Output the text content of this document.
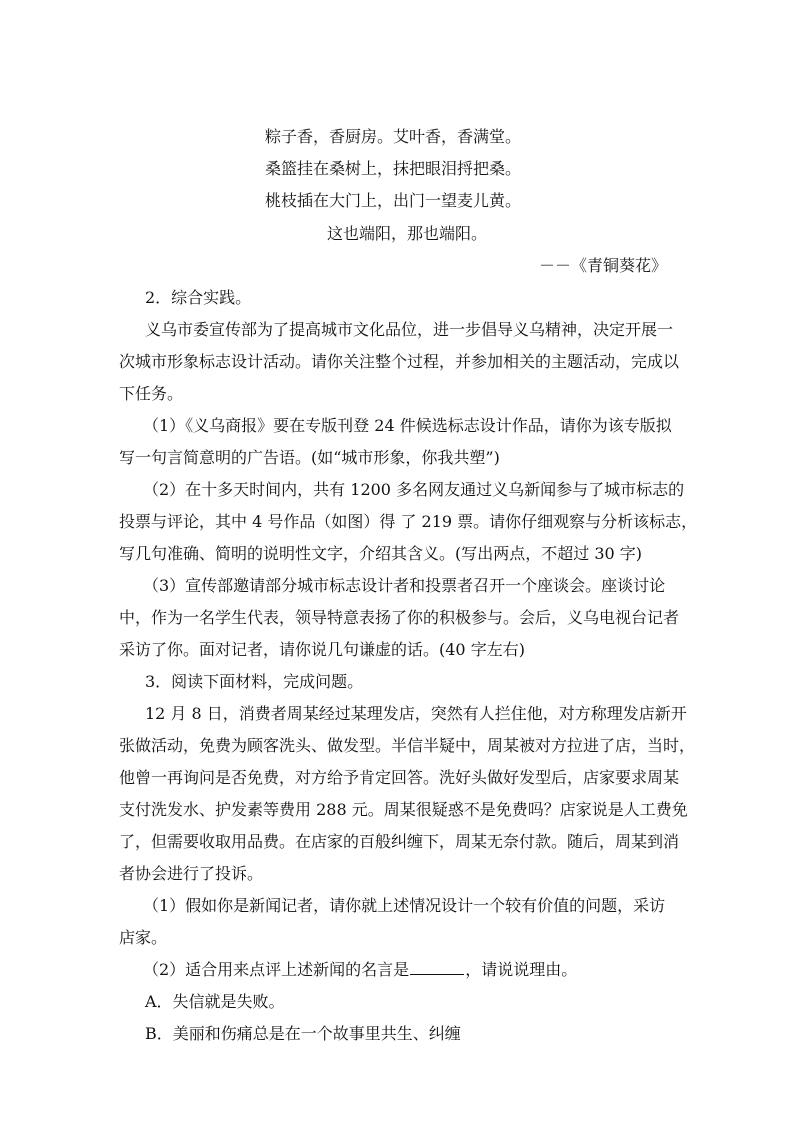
粽子香，香厨房。艾叶香，香满堂。
桑篮挂在桑树上，抹把眼泪捋把桑。
桃枝插在大门上，出门一望麦儿黄。
这也端阳，那也端阳。
－－《青铜葵花》
2．综合实践。
义乌市委宣传部为了提高城市文化品位，进一步倡导义乌精神，决定开展一
次城市形象标志设计活动。请你关注整个过程，并参加相关的主题活动，完成以
下任务。
（1）《义乌商报》要在专版刊登 24 件候选标志设计作品，请你为该专版拟
写一句言简意明的广告语。(如“城市形象，你我共塑”)
（2）在十多天时间内，共有 1200 多名网友通过义乌新闻参与了城市标志的
投票与评论，其中 4 号作品（如图）得 了 219 票。请你仔细观察与分析该标志，
写几句准确、简明的说明性文字，介绍其含义。(写出两点，不超过 30 字)
（3）宣传部邀请部分城市标志设计者和投票者召开一个座谈会。座谈讨论
中，作为一名学生代表，领导特意表扬了你的积极参与。会后，义乌电视台记者
采访了你。面对记者，请你说几句谦虚的话。(40 字左右)
3．阅读下面材料，完成问题。
12 月 8 日，消费者周某经过某理发店，突然有人拦住他，对方称理发店新开
张做活动，免费为顾客洗头、做发型。半信半疑中，周某被对方拉进了店，当时，
他曾一再询问是否免费，对方给予肯定回答。洗好头做好发型后，店家要求周某
支付洗发水、护发素等费用 288 元。周某很疑惑不是免费吗？店家说是人工费免
了，但需要收取用品费。在店家的百般纠缠下，周某无奈付款。随后，周某到消
者协会进行了投诉。
（1）假如你是新闻记者，请你就上述情况设计一个较有价值的问题，采访
店家。
（2）适合用来点评上述新闻的名言是	，请说说理由。
A．失信就是失败。
B．美丽和伤痛总是在一个故事里共生、纠缠
